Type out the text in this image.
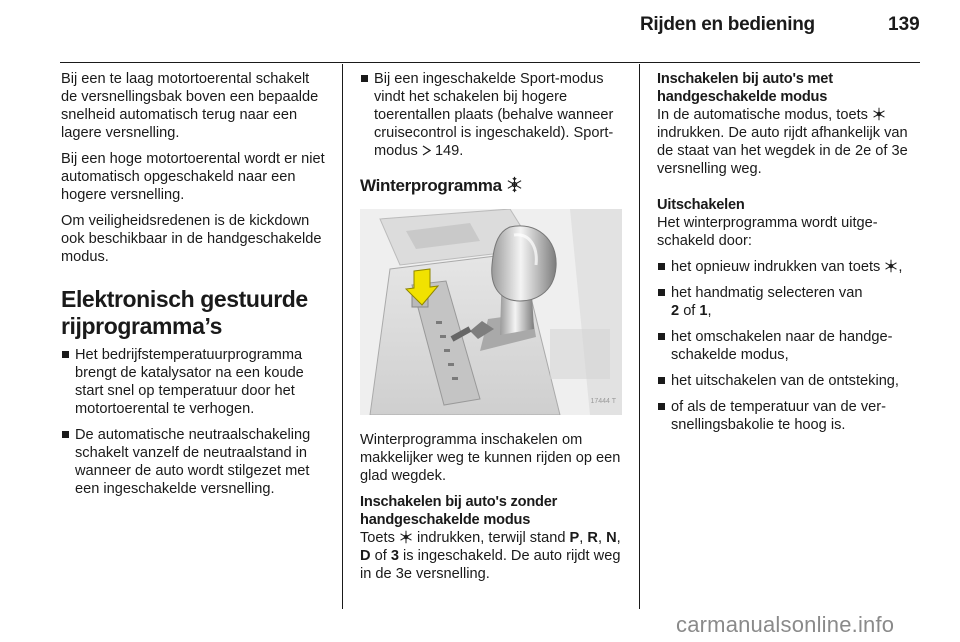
Rijden en bediening	139

Bij een te laag motortoerental schakelt de versnellingsbak boven een bepaalde snelheid automatisch terug naar een lagere versnelling.

Bij een hoge motortoerental wordt er niet automatisch opgeschakeld naar een hogere versnelling.

Om veiligheidsredenen is de kickdown ook beschikbaar in de handgeschakelde modus.

Elektronisch gestuurde rijprogramma’s
Het bedrijfstemperatuurprogramma brengt de katalysator na een koude start snel op temperatuur door het motortoerental te verhogen.
De automatische neutraalschakeling schakelt vanzelf de neutraalstand in wanneer de auto wordt stilgezet met een ingeschakelde versnelling.
Bij een ingeschakelde Sport-modus vindt het schakelen bij hogere toerentallen plaats (behalve wanneer cruisecontrol is ingeschakeld). Sport-modus 149.
Winterprogramma
17444 T

Winterprogramma inschakelen om makkelijker weg te kunnen rijden op een glad wegdek.

Inschakelen bij auto's zonder handgeschakelde modus

Toets indrukken, terwijl stand P, R, N, D of 3 is ingeschakeld. De auto rijdt weg in de 3e versnelling.

Inschakelen bij auto's met handgeschakelde modus

In de automatische modus, toets  indrukken. De auto rijdt afhankelijk van de staat van het wegdek in de 2e of 3e versnelling weg.

Uitschakelen

Het winterprogramma wordt uitgeschakeld door:

het opnieuw indrukken van toets ,
het handmatig selecteren van
2 of 1,
het omschakelen naar de handgeschakelde modus,
het uitschakelen van de ontsteking,
of als de temperatuur van de versnellingsbakolie te hoog is.
carmanualsonline.info
